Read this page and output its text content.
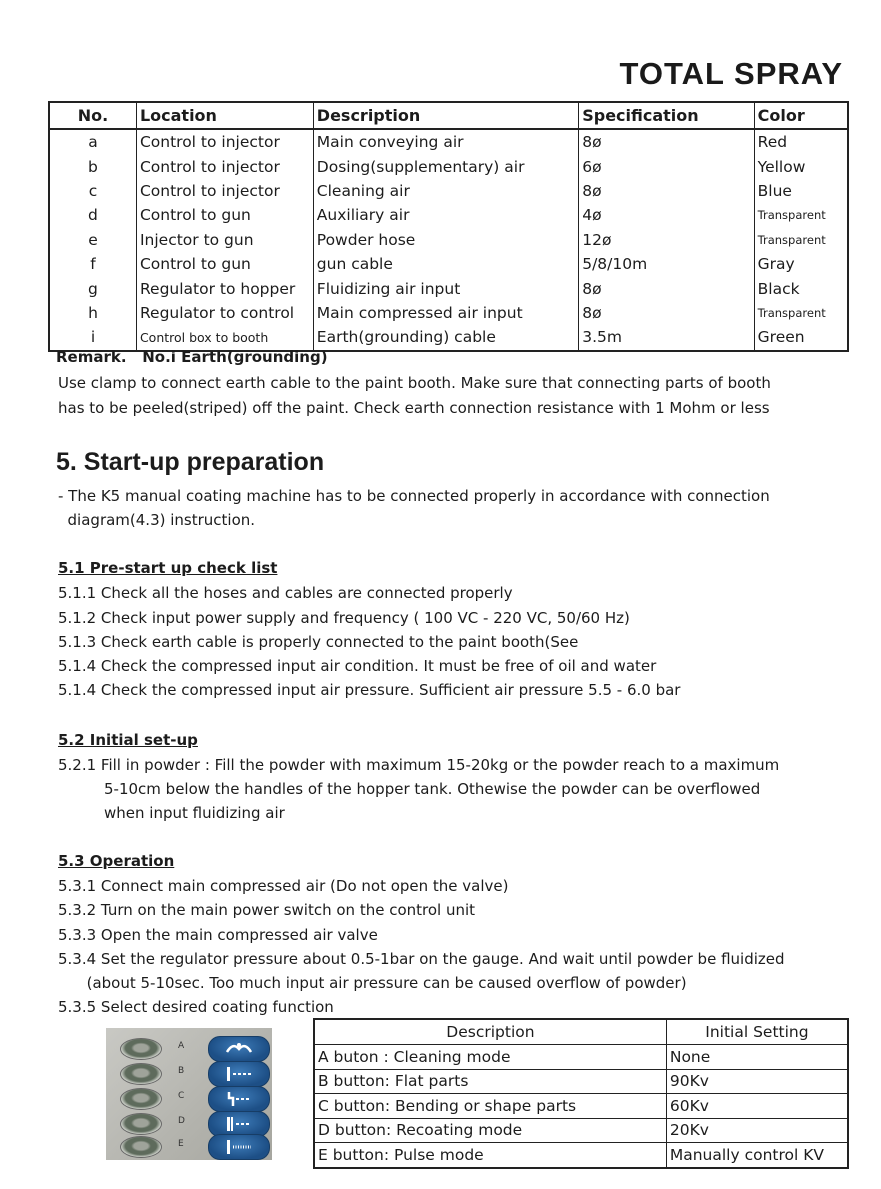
TOTAL SPRAY
No.	Location	Description	Specification	Color
a	Control to injector	Main conveying air	8ø	Red
b	Control to injector	Dosing(supplementary) air	6ø	Yellow
c	Control to injector	Cleaning air	8ø	Blue
d	Control to gun	Auxiliary air	4ø	Transparent
e	Injector to gun	Powder hose	12ø	Transparent
f	Control to gun	gun cable	5/8/10m	Gray
g	Regulator to hopper	Fluidizing air input	8ø	Black
h	Regulator to control	Main compressed air input	8ø	Transparent
i	Control box to booth	Earth(grounding) cable	3.5m	Green
Remark.   No.i Earth(grounding)
Use clamp to connect earth cable to the paint booth. Make sure that connecting parts of booth
has to be peeled(striped) off the paint. Check earth connection resistance with 1 Mohm or less
5. Start-up preparation
- The K5 manual coating machine has to be connected properly in accordance with connection
diagram(4.3) instruction.
5.1 Pre-start up check list
5.1.1 Check all the hoses and cables are connected properly
5.1.2 Check input power supply and frequency ( 100 VC - 220 VC, 50/60 Hz)
5.1.3 Check earth cable is properly connected to the paint booth(See
5.1.4 Check the compressed input air condition. It must be free of oil and water
5.1.4 Check the compressed input air pressure. Sufficient air pressure 5.5 - 6.0 bar
5.2 Initial set-up
5.2.1 Fill in powder : Fill the powder with maximum 15-20kg or the powder reach to a maximum
5-10cm below the handles of the hopper tank. Othewise the powder can be overflowed
when input fluidizing air
5.3 Operation
5.3.1 Connect main compressed air (Do not open the valve)
5.3.2 Turn on the main power switch on the control unit
5.3.3 Open the main compressed air valve
5.3.4 Set the regulator pressure about 0.5-1bar on the gauge. And wait until powder be fluidized
(about 5-10sec. Too much input air pressure can be caused overflow of powder)
5.3.5 Select desired coating function
A
B
C
D
E
Description	Initial Setting
A buton : Cleaning mode	None
B button: Flat parts	90Kv
C button: Bending or shape parts	60Kv
D button: Recoating mode	20Kv
E button: Pulse mode	Manually control KV
